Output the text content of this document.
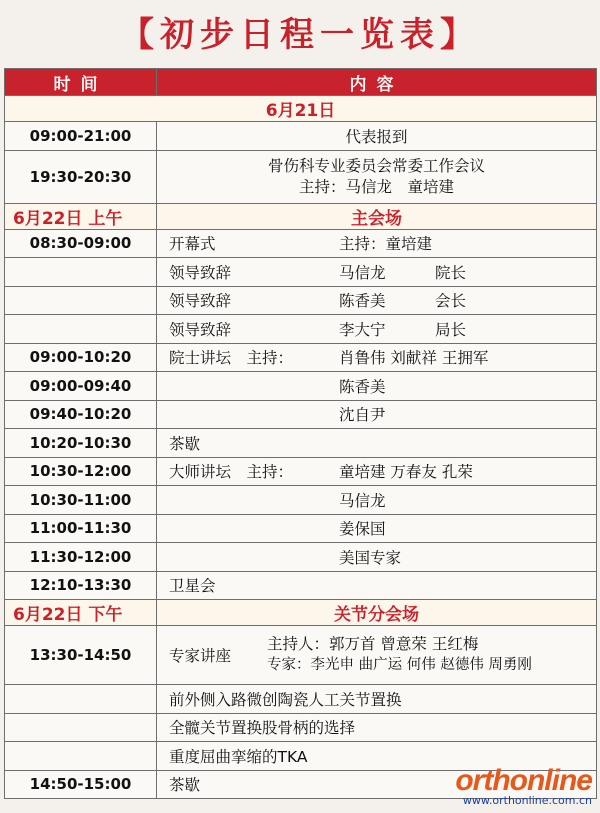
【初步日程一览表】
时间	内容
6月21日	
09:00-21:00	代表报到
19:30-20:30	骨伤科专业委员会常委工作会议
主持：马信龙　童培建

6月22日 上午	主会场
08:30-09:00	开幕式 主持：童培建
	领导致辞 马信龙 院长
	领导致辞 陈香美 会长
	领导致辞 李大宁 局长
09:00-10:20	院士讲坛　主持： 肖鲁伟 刘献祥 王拥军
09:00-09:40	陈香美
09:40-10:20	沈自尹
10:20-10:30	茶歇
10:30-12:00	大师讲坛　主持： 童培建 万春友 孔荣
10:30-11:00	马信龙
11:00-11:30	姜保国
11:30-12:00	美国专家
12:10-13:30	卫星会
6月22日 下午	关节分会场
13:30-14:50	专家讲座
主持人：郭万首 曾意荣 王红梅
专家：李光申 曲广运 何伟 赵德伟 周勇刚

	前外侧入路微创陶瓷人工关节置换
	全髋关节置换股骨柄的选择
	重度屈曲挛缩的TKA
14:50-15:00	茶歇	orthonline
www.orthonline.com.cn
